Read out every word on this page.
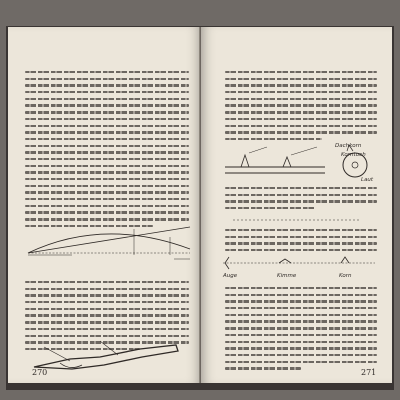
270
Dachkorn
Korntuch
Laut
Auge	Kimme	Korn
271
